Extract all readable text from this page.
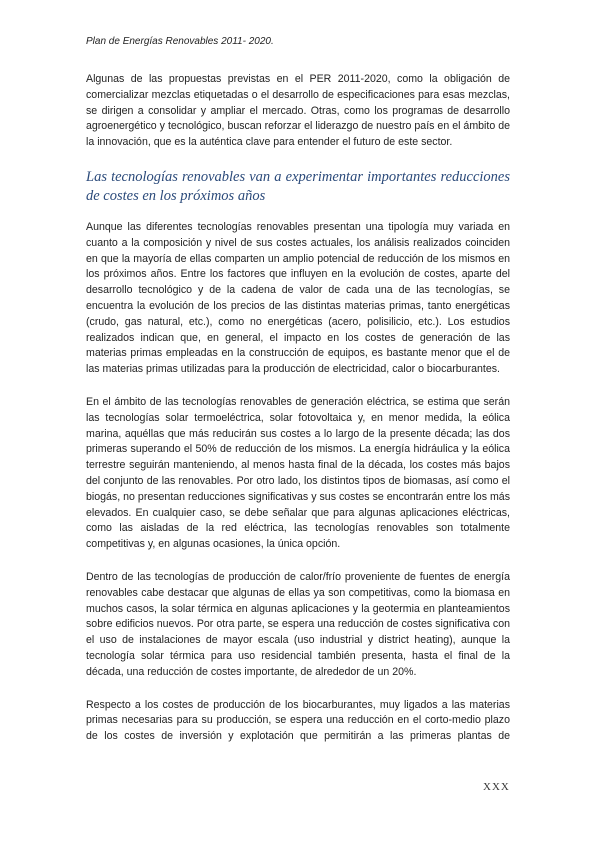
Plan de Energías Renovables 2011- 2020.

Algunas de las propuestas previstas en el PER 2011-2020, como la obligación de comercializar mezclas etiquetadas o el desarrollo de especificaciones para esas mezclas, se dirigen a consolidar y ampliar el mercado. Otras, como los programas de desarrollo agroenergético y tecnológico, buscan reforzar el liderazgo de nuestro país en el ámbito de la innovación, que es la auténtica clave para entender el futuro de este sector.

Las tecnologías renovables van a experimentar importantes reducciones de costes en los próximos años

Aunque las diferentes tecnologías renovables presentan una tipología muy variada en cuanto a la composición y nivel de sus costes actuales, los análisis realizados coinciden en que la mayoría de ellas comparten un amplio potencial de reducción de los mismos en los próximos años. Entre los factores que influyen en la evolución de costes, aparte del desarrollo tecnológico y de la cadena de valor de cada una de las tecnologías, se encuentra la evolución de los precios de las distintas materias primas, tanto energéticas (crudo, gas natural, etc.), como no energéticas (acero, polisilicio, etc.). Los estudios realizados indican que, en general, el impacto en los costes de generación de las materias primas empleadas en la construcción de equipos, es bastante menor que el de las materias primas utilizadas para la producción de electricidad, calor o biocarburantes.

En el ámbito de las tecnologías renovables de generación eléctrica, se estima que serán las tecnologías solar termoeléctrica, solar fotovoltaica y, en menor medida, la eólica marina, aquéllas que más reducirán sus costes a lo largo de la presente década; las dos primeras superando el 50% de reducción de los mismos. La energía hidráulica y la eólica terrestre seguirán manteniendo, al menos hasta final de la década, los costes más bajos del conjunto de las renovables. Por otro lado, los distintos tipos de biomasas, así como el biogás, no presentan reducciones significativas y sus costes se encontrarán entre los más elevados. En cualquier caso, se debe señalar que para algunas aplicaciones eléctricas, como las aisladas de la red eléctrica, las tecnologías renovables son totalmente competitivas y, en algunas ocasiones, la única opción.

Dentro de las tecnologías de producción de calor/frío proveniente de fuentes de energía renovables cabe destacar que algunas de ellas ya son competitivas, como la biomasa en muchos casos, la solar térmica en algunas aplicaciones y la geotermia en planteamientos sobre edificios nuevos. Por otra parte, se espera una reducción de costes significativa con el uso de instalaciones de mayor escala (uso industrial y district heating), aunque la tecnología solar térmica para uso residencial también presenta, hasta el final de la década, una reducción de costes importante, de alrededor de un 20%.

Respecto a los costes de producción de los biocarburantes, muy ligados a las materias primas necesarias para su producción, se espera una reducción en el corto-medio plazo de los costes de inversión y explotación que permitirán a las primeras plantas de

XXX
